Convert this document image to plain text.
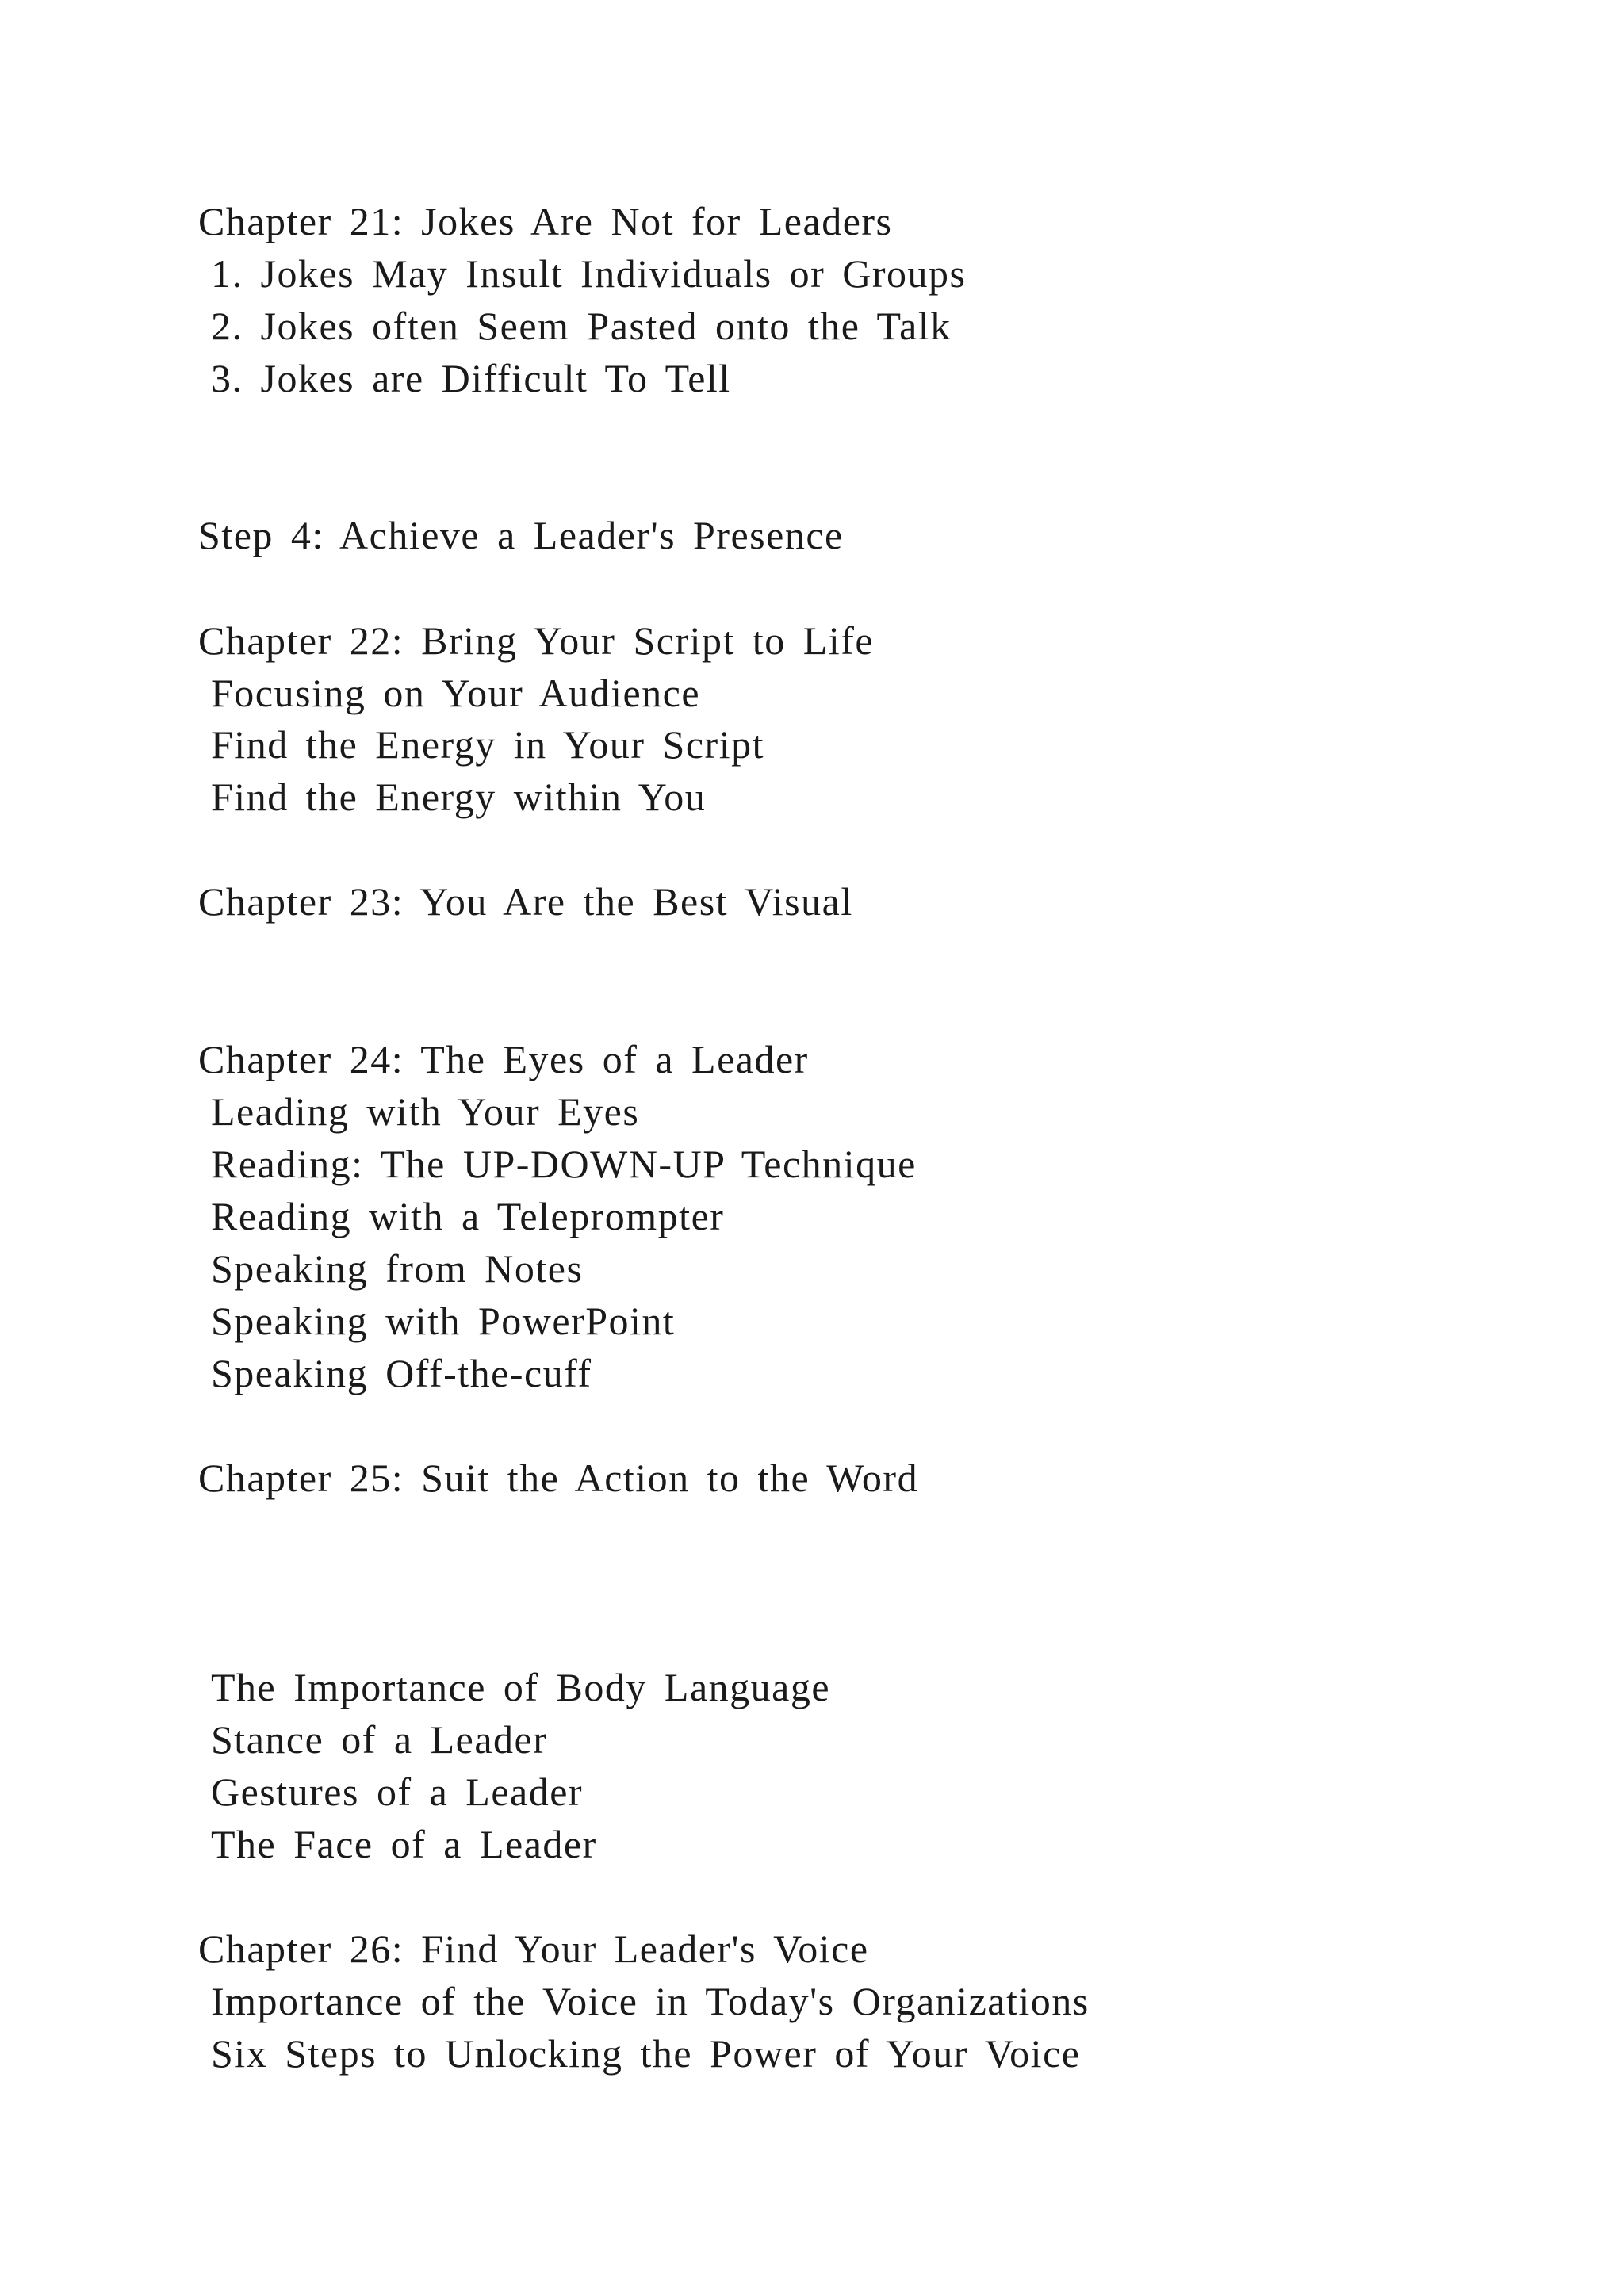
Chapter 21: Jokes Are Not for Leaders
1. Jokes May Insult Individuals or Groups
2. Jokes often Seem Pasted onto the Talk
3. Jokes are Difficult To Tell
Step 4: Achieve a Leader's Presence
Chapter 22: Bring Your Script to Life
Focusing on Your Audience
Find the Energy in Your Script
Find the Energy within You
Chapter 23: You Are the Best Visual
Chapter 24: The Eyes of a Leader
Leading with Your Eyes
Reading: The UP-DOWN-UP Technique
Reading with a Teleprompter
Speaking from Notes
Speaking with PowerPoint
Speaking Off-the-cuff
Chapter 25: Suit the Action to the Word
The Importance of Body Language
Stance of a Leader
Gestures of a Leader
The Face of a Leader
Chapter 26: Find Your Leader's Voice
Importance of the Voice in Today's Organizations
Six Steps to Unlocking the Power of Your Voice
